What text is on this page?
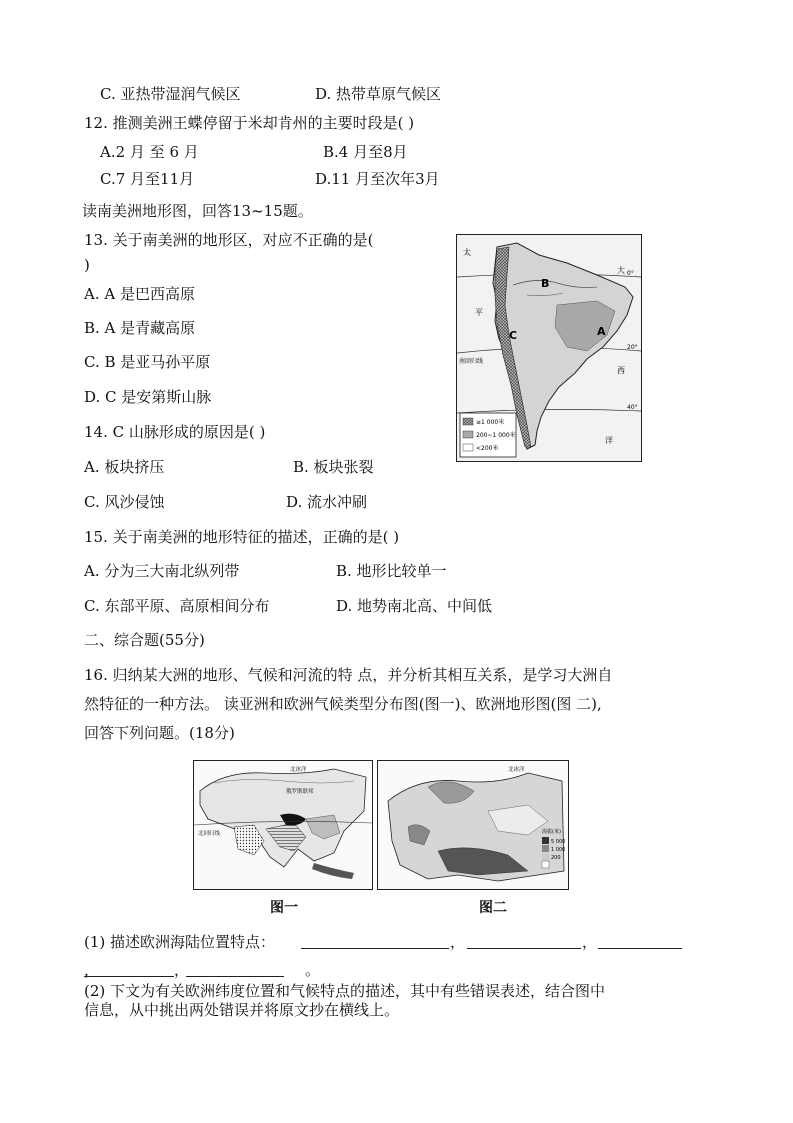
C. 亚热带湿润气候区	D. 热带草原气候区
12. 推测美洲王蝶停留于米却肯州的主要时段是( )
A.2 月 至 6 月	B.4 月至8月
C.7 月至11月	D.11 月至次年3月
读南美洲地形图，回答13~15题。
13. 关于南美洲的地形区，对应不正确的是(
)
A. A 是巴西高原
B. A 是青藏高原
C. B 是亚马孙平原
D. C 是安第斯山脉
B
A
C
太
大
平
西
洋
0°
20°
40°
南回归线
≥1 000米
200~1 000米
<200米
14. C 山脉形成的原因是( )
A. 板块挤压	B. 板块张裂
C. 风沙侵蚀	D. 流水冲刷
15. 关于南美洲的地形特征的描述，正确的是( )
A. 分为三大南北纵列带	B. 地形比较单一
C. 东部平原、高原相间分布	D. 地势南北高、中间低
二、综合题(55分)
16. 归纳某大洲的地形、气候和河流的特 点，并分析其相互关系，是学习大洲自
然特征的一种方法。 读亚洲和欧洲气候类型分布图(图一)、欧洲地形图(图 二),
回答下列问题。(18分)
北冰洋
俄罗斯联邦
北回归线
图一
北冰洋
海拔(米)
5 000
1 000
200
图二
(1) 描述欧洲海陆位置特点：	，	，
，	，	。
(2) 下文为有关欧洲纬度位置和气候特点的描述，其中有些错误表述，结合图中
信息，从中挑出两处错误并将原文抄在横线上。
